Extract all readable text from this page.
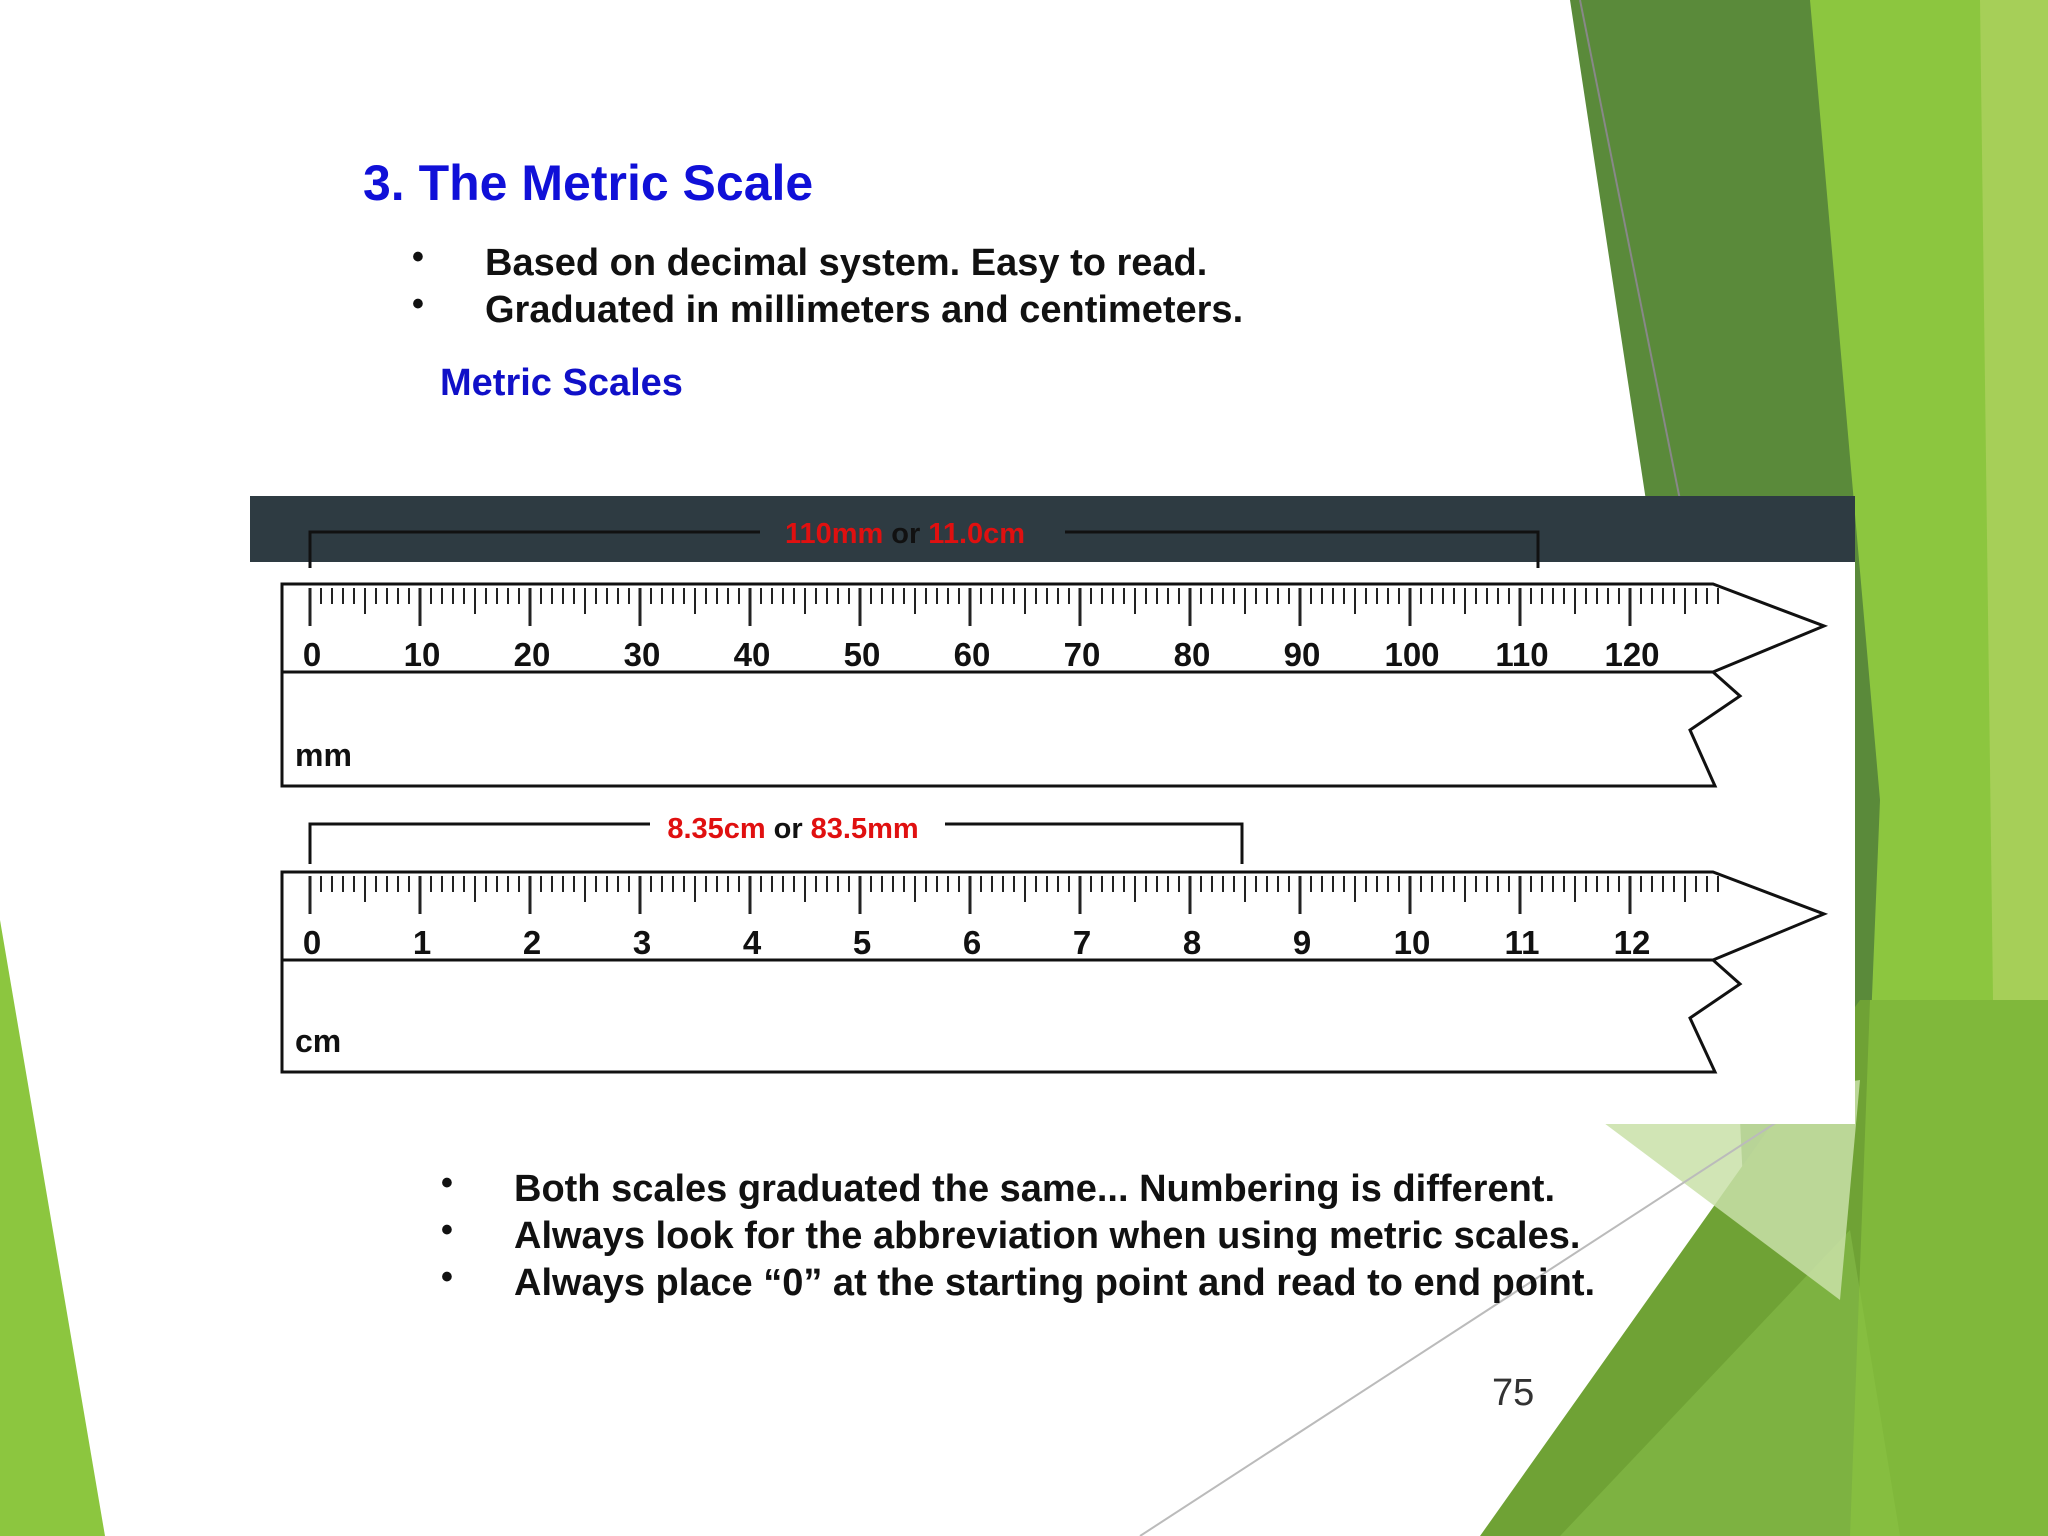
3. The Metric Scale
• Based on decimal system. Easy to read.
• Graduated in millimeters and centimeters.
Metric Scales
110mm or 11.0cm
0 10 20 30 40 50 60 70 80 90 100 110 120
mm
8.35cm or 83.5mm
0	1	2	3	4	5	6	7	8	9 10 11 12
cm
• Both scales graduated the same... Numbering is different.
• Always look for the abbreviation when using metric scales.
• Always place “0” at the starting point and read to end point.
75
